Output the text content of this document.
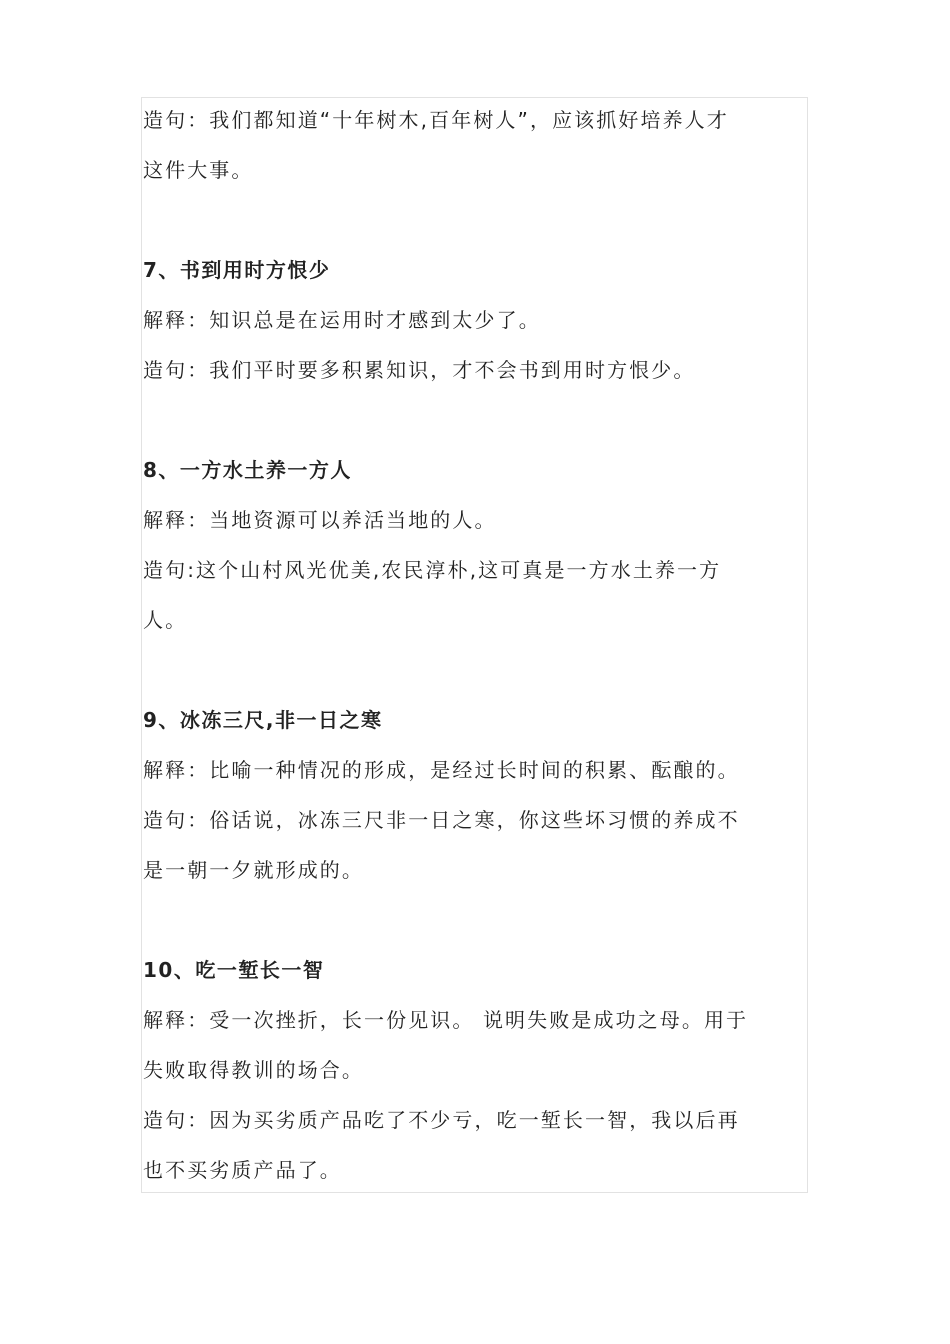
造句：我们都知道“十年树木,百年树人”，应该抓好培养人才
这件大事。
7、书到用时方恨少
解释：知识总是在运用时才感到太少了。
造句：我们平时要多积累知识，才不会书到用时方恨少。
8、一方水土养一方人
解释：当地资源可以养活当地的人。
造句:这个山村风光优美,农民淳朴,这可真是一方水土养一方
人。
9、冰冻三尺,非一日之寒
解释：比喻一种情况的形成，是经过长时间的积累、酝酿的。
造句：俗话说，冰冻三尺非一日之寒，你这些坏习惯的养成不
是一朝一夕就形成的。
10、吃一堑长一智
解释：受一次挫折，长一份见识。 说明失败是成功之母。用于
失败取得教训的场合。
造句：因为买劣质产品吃了不少亏，吃一堑长一智，我以后再
也不买劣质产品了。
